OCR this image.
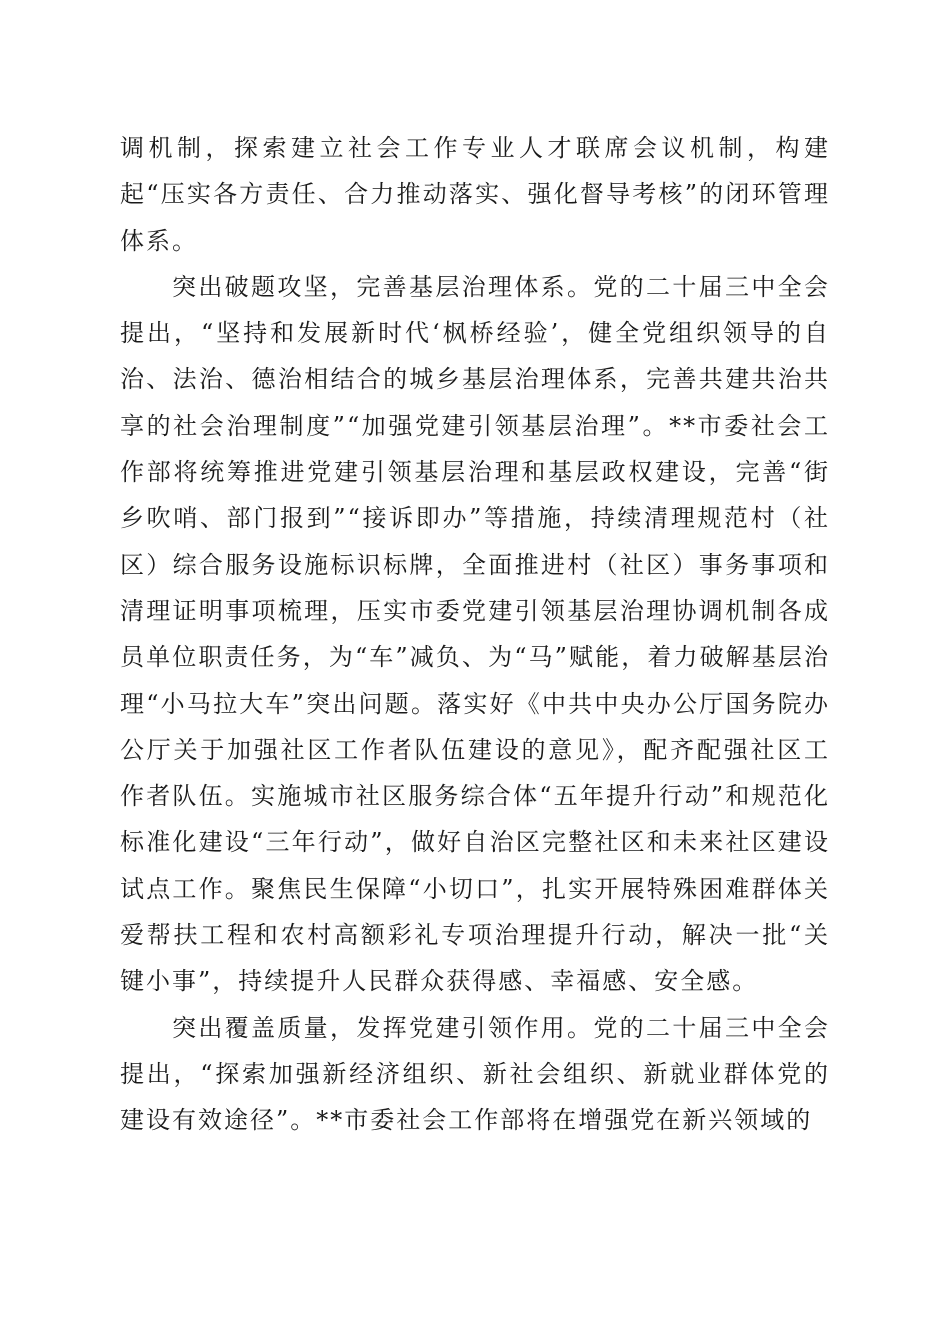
调机制，探索建立社会工作专业人才联席会议机制，构建起“压实各方责任、合力推动落实、强化督导考核”的闭环管理体系。

突出破题攻坚，完善基层治理体系。党的二十届三中全会提出，“坚持和发展新时代‘枫桥经验’，健全党组织领导的自治、法治、德治相结合的城乡基层治理体系，完善共建共治共享的社会治理制度”“加强党建引领基层治理”。**市委社会工作部将统筹推进党建引领基层治理和基层政权建设，完善“街乡吹哨、部门报到”“接诉即办”等措施，持续清理规范村（社区）综合服务设施标识标牌，全面推进村（社区）事务事项和清理证明事项梳理，压实市委党建引领基层治理协调机制各成员单位职责任务，为“车”减负、为“马”赋能，着力破解基层治理“小马拉大车”突出问题。落实好《中共中央办公厅国务院办公厅关于加强社区工作者队伍建设的意见》，配齐配强社区工作者队伍。实施城市社区服务综合体“五年提升行动”和规范化标准化建设“三年行动”，做好自治区完整社区和未来社区建设试点工作。聚焦民生保障“小切口”，扎实开展特殊困难群体关爱帮扶工程和农村高额彩礼专项治理提升行动，解决一批“关键小事”，持续提升人民群众获得感、幸福感、安全感。

突出覆盖质量，发挥党建引领作用。党的二十届三中全会提出，“探索加强新经济组织、新社会组织、新就业群体党的建设有效途径”。**市委社会工作部将在增强党在新兴领域的
